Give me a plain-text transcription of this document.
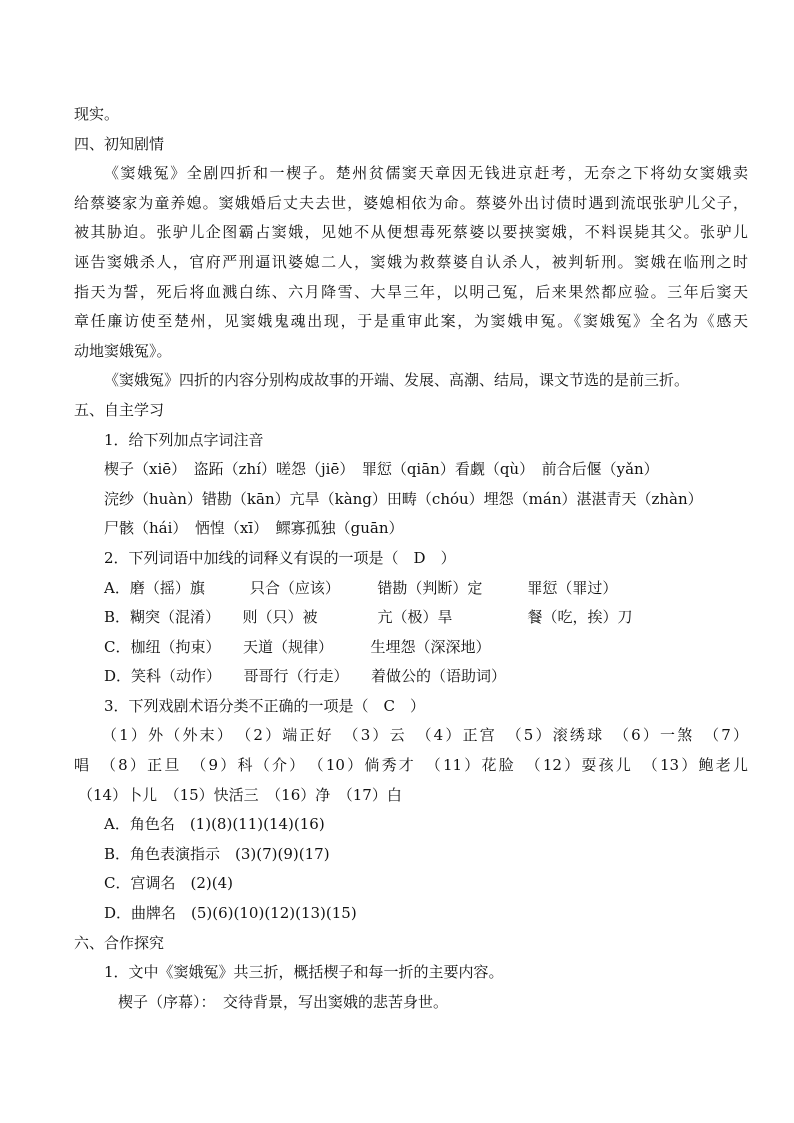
现实。
四、初知剧情
《窦娥冤》全剧四折和一楔子。楚州贫儒窦天章因无钱进京赶考，无奈之下将幼女窦娥卖
给蔡婆家为童养媳。窦娥婚后丈夫去世，婆媳相依为命。蔡婆外出讨债时遇到流氓张驴儿父子，
被其胁迫。张驴儿企图霸占窦娥，见她不从便想毒死蔡婆以要挟窦娥，不料误毙其父。张驴儿
诬告窦娥杀人，官府严刑逼讯婆媳二人，窦娥为救蔡婆自认杀人，被判斩刑。窦娥在临刑之时
指天为誓，死后将血溅白练、六月降雪、大旱三年，以明己冤，后来果然都应验。三年后窦天
章任廉访使至楚州，见窦娥鬼魂出现，于是重审此案，为窦娥申冤。《窦娥冤》全名为《感天
动地窦娥冤》。
《窦娥冤》四折的内容分别构成故事的开端、发展、高潮、结局，课文节选的是前三折。
五、自主学习
1．给下列加点字词注音
楔子（xiē）　盗跖（zhí）嗟怨（jiē）　罪愆（qiān）看觑（qù）　前合后偃（yǎn）
浣纱（huàn）错勘（kān）亢旱（kàng）田畴（chóu）埋怨（mán）湛湛青天（zhàn）
尸骸（hái）　恓惶（xī）　鳏寡孤独（guān）
2．下列词语中加线的词释义有误的一项是（　D　）
A．磨（摇）旗　　　只合（应该）　　　错勘（判断）定　　　罪愆（罪过）
B．糊突（混淆）　　则（只）被　　　　亢（极）旱　　　　　餐（吃，挨）刀
C．枷纽（拘束）　　天道（规律）　　　生埋怨（深深地）
D．笑科（动作）　　哥哥行（行走）　　着做公的（语助词）
3．下列戏剧术语分类不正确的一项是（　C　）
（1）外（外末）　（2）端正好　（3）云　（4）正宫　（5）滚绣球　（6）一煞　（7）
唱　（8）正旦　（9）科（介）　（10）倘秀才　（11）花脸　（12）耍孩儿　（13）鲍老儿
（14）卜儿　（15）快活三　（16）净　（17）白
A．角色名　(1)(8)(11)(14)(16)
B．角色表演指示　(3)(7)(9)(17)
C．宫调名　(2)(4)
D．曲牌名　(5)(6)(10)(12)(13)(15)
六、合作探究
1．文中《窦娥冤》共三折，概括楔子和每一折的主要内容。
楔子（序幕）：　交待背景，写出窦娥的悲苦身世。
